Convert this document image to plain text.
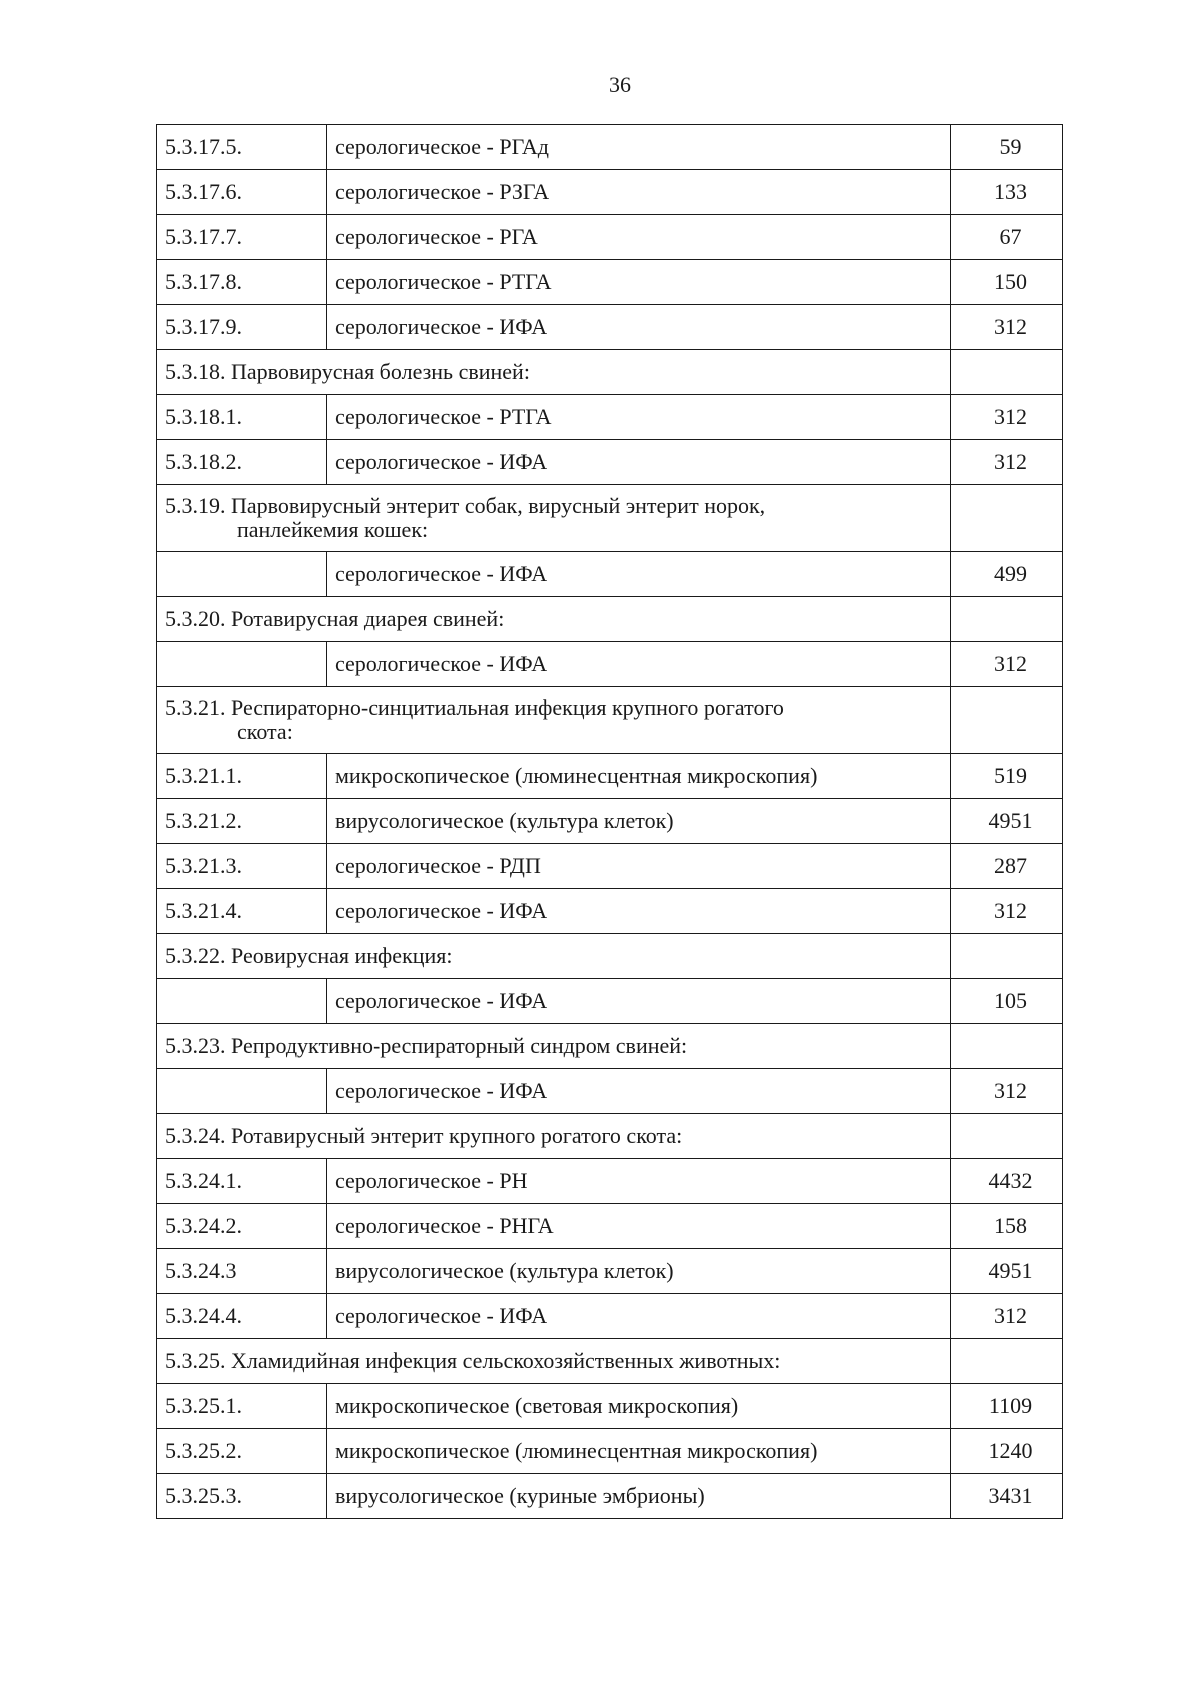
36
5.3.17.5.	серологическое - РГАд	59
5.3.17.6.	серологическое - РЗГА	133
5.3.17.7.	серологическое - РГА	67
5.3.17.8.	серологическое - РТГА	150
5.3.17.9.	серологическое - ИФА	312
5.3.18. Парвовирусная болезнь свиней:		
5.3.18.1.	серологическое - РТГА	312
5.3.18.2.	серологическое - ИФА	312
5.3.19. Парвовирусный энтерит собак, вирусный энтерит норок,
панлейкемия кошек:		

	серологическое - ИФА	499
5.3.20. Ротавирусная диарея свиней:		
	серологическое - ИФА	312
5.3.21. Респираторно-синцитиальная инфекция крупного рогатого
скота:		

5.3.21.1.	микроскопическое (люминесцентная микроскопия)	519
5.3.21.2.	вирусологическое (культура клеток)	4951
5.3.21.3.	серологическое - РДП	287
5.3.21.4.	серологическое - ИФА	312
5.3.22. Реовирусная инфекция:		
	серологическое - ИФА	105
5.3.23. Репродуктивно-респираторный синдром свиней:		
	серологическое - ИФА	312
5.3.24. Ротавирусный энтерит крупного рогатого скота:		
5.3.24.1.	серологическое - РН	4432
5.3.24.2.	серологическое - РНГА	158
5.3.24.3	вирусологическое (культура клеток)	4951
5.3.24.4.	серологическое - ИФА	312
5.3.25. Хламидийная инфекция сельскохозяйственных животных:		
5.3.25.1.	микроскопическое (световая микроскопия)	1109
5.3.25.2.	микроскопическое (люминесцентная микроскопия)	1240
5.3.25.3.	вирусологическое (куриные эмбрионы)	3431
